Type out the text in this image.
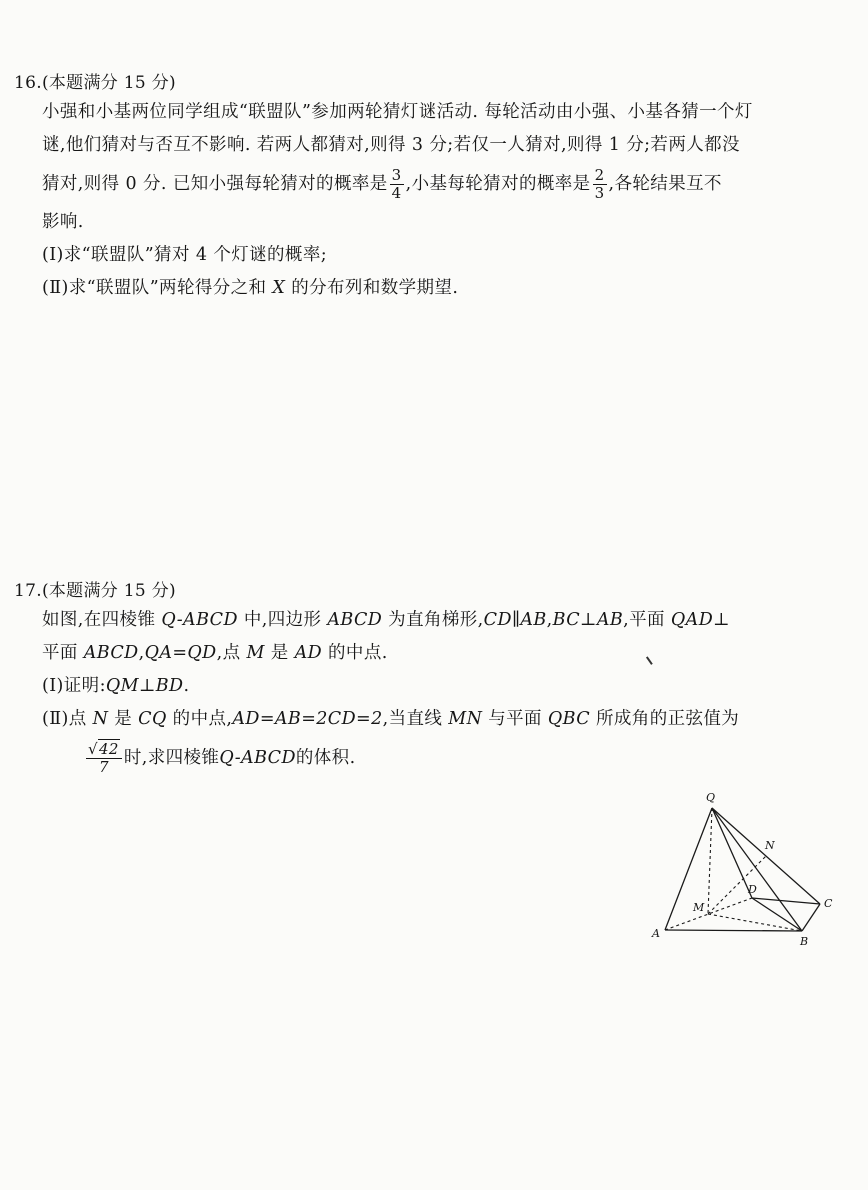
16.(本题满分 15 分)
小强和小基两位同学组成“联盟队”参加两轮猜灯谜活动. 每轮活动由小强、小基各猜一个灯
谜,他们猜对与否互不影响. 若两人都猜对,则得 3 分;若仅一人猜对,则得 1 分;若两人都没
猜对,则得 0 分. 已知小强每轮猜对的概率是 $\frac{3}{4}$ ,小基每轮猜对的概率是 $\frac{2}{3}$ ,各轮结果互不
影响.
(Ⅰ)求“联盟队”猜对 4 个灯谜的概率;
(Ⅱ)求“联盟队”两轮得分之和 X 的分布列和数学期望.
17.(本题满分 15 分)
如图,在四棱锥 Q-ABCD 中,四边形 ABCD 为直角梯形,CD∥AB,BC⊥AB,平面 QAD⊥
平面 ABCD,QA=QD,点 M 是 AD 的中点.
(Ⅰ)证明:QM⊥BD.
(Ⅱ)点 N 是 CQ 的中点,AD=AB=2CD=2,当直线 MN 与平面 QBC 所成角的正弦值为
$\frac{√42}{7}$ 时,求四棱锥Q-ABCD的体积.
Q
N
D
C
M
A
B
